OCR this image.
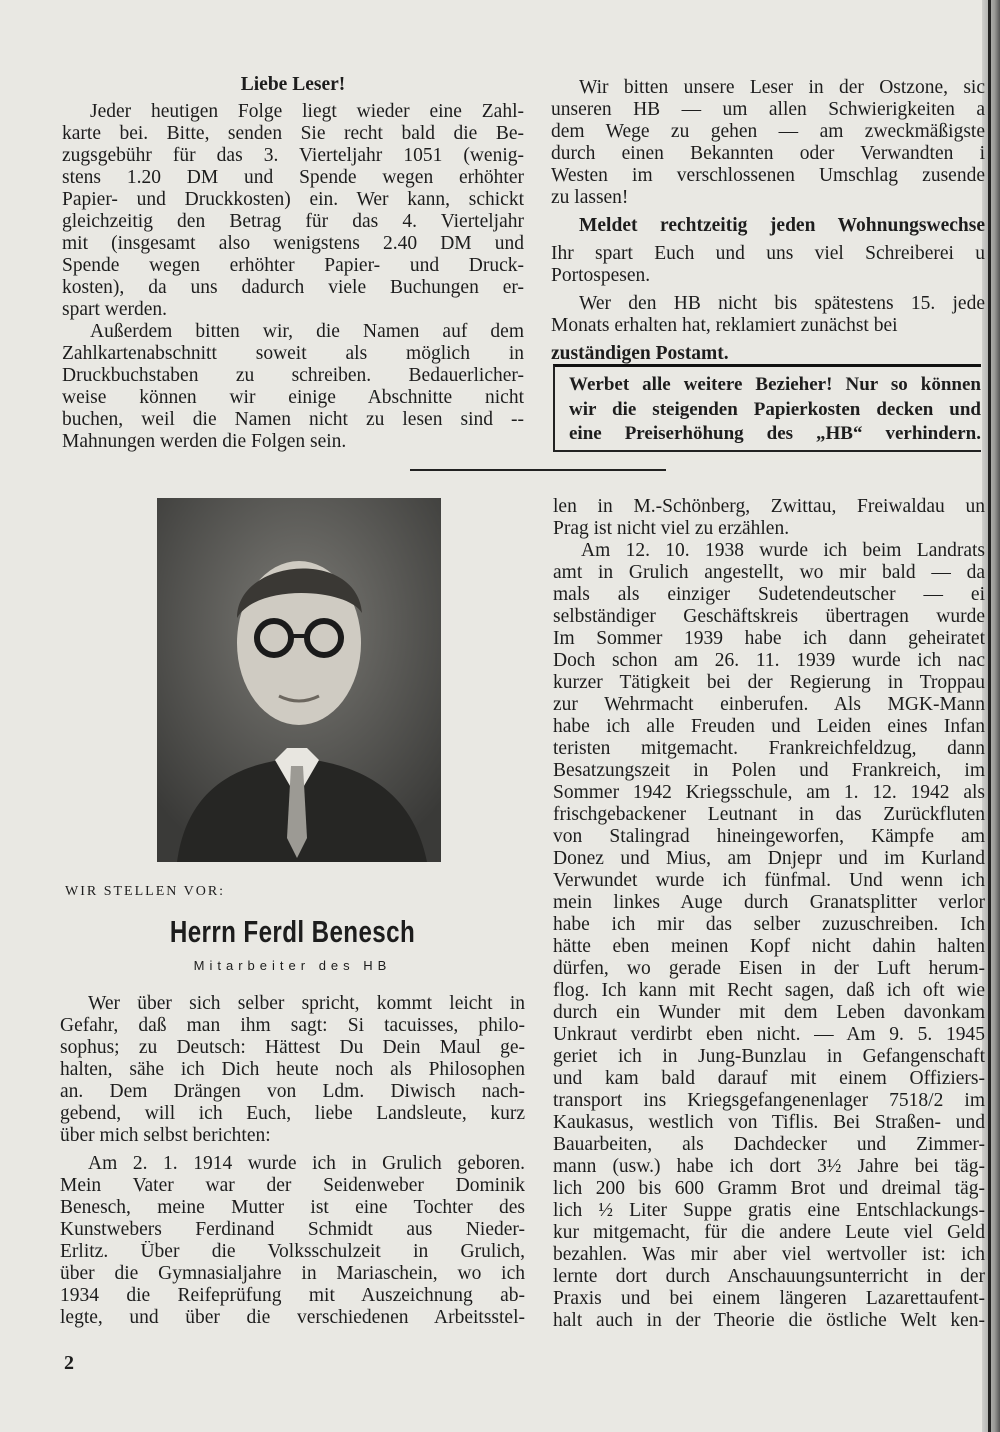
Liebe Leser!
Jeder heutigen Folge liegt wieder eine Zahl-
karte bei. Bitte, senden Sie recht bald die Be-
zugsgebühr für das 3. Vierteljahr 1051 (wenig-
stens 1.20 DM und Spende wegen erhöhter
Papier- und Druckkosten) ein. Wer kann, schickt
gleichzeitig den Betrag für das 4. Vierteljahr
mit (insgesamt also wenigstens 2.40 DM und
Spende wegen erhöhter Papier- und Druck-
kosten), da uns dadurch viele Buchungen er-
spart werden.
Außerdem bitten wir, die Namen auf dem
Zahlkartenabschnitt soweit als möglich in
Druckbuchstaben zu schreiben. Bedauerlicher-
weise können wir einige Abschnitte nicht
buchen, weil die Namen nicht zu lesen sind --
Mahnungen werden die Folgen sein.
Wir bitten unsere Leser in der Ostzone, sic
unseren HB — um allen Schwierigkeiten a
dem Wege zu gehen — am zweckmäßigste
durch einen Bekannten oder Verwandten i
Westen im verschlossenen Umschlag zusende
zu lassen!
Meldet rechtzeitig jeden Wohnungswechse
Ihr spart Euch und uns viel Schreiberei u
Portospesen.
Wer den HB nicht bis spätestens 15. jede
Monats erhalten hat, reklamiert zunächst bei
zuständigen Postamt.
Werbet alle weitere Bezieher! Nur so können
wir die steigenden Papierkosten decken und
eine Preiserhöhung des „HB“ verhindern.
WIR STELLEN VOR:
Herrn Ferdl Benesch
Mitarbeiter des HB
Wer über sich selber spricht, kommt leicht in
Gefahr, daß man ihm sagt: Si tacuisses, philo-
sophus; zu Deutsch: Hättest Du Dein Maul ge-
halten, sähe ich Dich heute noch als Philosophen
an. Dem Drängen von Ldm. Diwisch nach-
gebend, will ich Euch, liebe Landsleute, kurz
über mich selbst berichten:
Am 2. 1. 1914 wurde ich in Grulich geboren.
Mein Vater war der Seidenweber Dominik
Benesch, meine Mutter ist eine Tochter des
Kunstwebers Ferdinand Schmidt aus Nieder-
Erlitz. Über die Volksschulzeit in Grulich,
über die Gymnasialjahre in Mariaschein, wo ich
1934 die Reifeprüfung mit Auszeichnung ab-
legte, und über die verschiedenen Arbeitsstel-
len in M.-Schönberg, Zwittau, Freiwaldau un
Prag ist nicht viel zu erzählen.
Am 12. 10. 1938 wurde ich beim Landrats
amt in Grulich angestellt, wo mir bald — da
mals als einziger Sudetendeutscher — ei
selbständiger Geschäftskreis übertragen wurde
Im Sommer 1939 habe ich dann geheiratet
Doch schon am 26. 11. 1939 wurde ich nac
kurzer Tätigkeit bei der Regierung in Troppau
zur Wehrmacht einberufen. Als MGK-Mann
habe ich alle Freuden und Leiden eines Infan
teristen mitgemacht. Frankreichfeldzug, dann
Besatzungszeit in Polen und Frankreich, im
Sommer 1942 Kriegsschule, am 1. 12. 1942 als
frischgebackener Leutnant in das Zurückfluten
von Stalingrad hineingeworfen, Kämpfe am
Donez und Mius, am Dnjepr und im Kurland
Verwundet wurde ich fünfmal. Und wenn ich
mein linkes Auge durch Granatsplitter verlor
habe ich mir das selber zuzuschreiben. Ich
hätte eben meinen Kopf nicht dahin halten
dürfen, wo gerade Eisen in der Luft herum-
flog. Ich kann mit Recht sagen, daß ich oft wie
durch ein Wunder mit dem Leben davonkam
Unkraut verdirbt eben nicht. — Am 9. 5. 1945
geriet ich in Jung-Bunzlau in Gefangenschaft
und kam bald darauf mit einem Offiziers-
transport ins Kriegsgefangenenlager 7518/2 im
Kaukasus, westlich von Tiflis. Bei Straßen- und
Bauarbeiten, als Dachdecker und Zimmer-
mann (usw.) habe ich dort 3½ Jahre bei täg-
lich 200 bis 600 Gramm Brot und dreimal täg-
lich ½ Liter Suppe gratis eine Entschlackungs-
kur mitgemacht, für die andere Leute viel Geld
bezahlen. Was mir aber viel wertvoller ist: ich
lernte dort durch Anschauungsunterricht in der
Praxis und bei einem längeren Lazarettaufent-
halt auch in der Theorie die östliche Welt ken-
2
